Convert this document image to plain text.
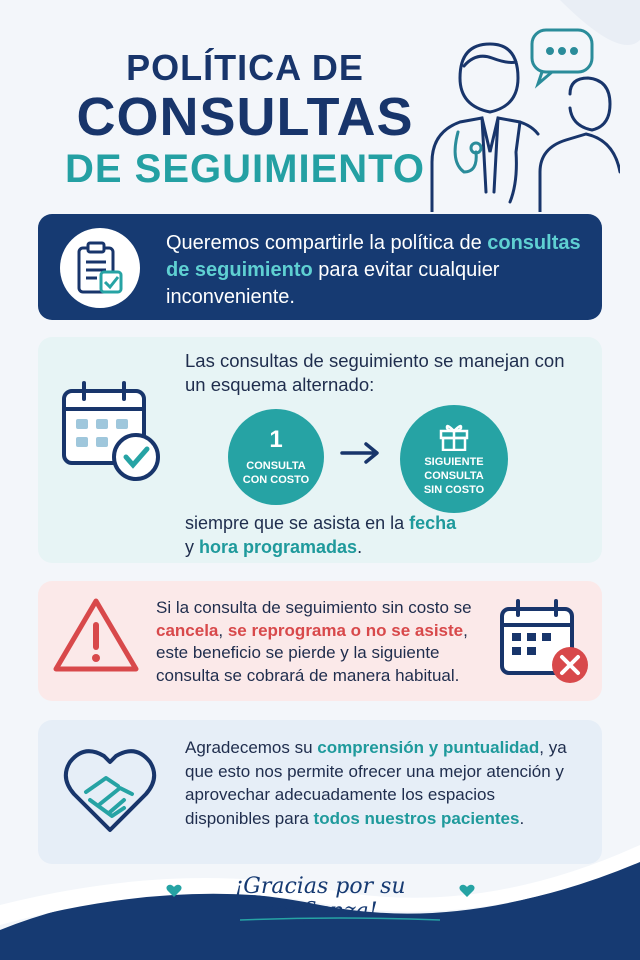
POLÍTICA DE
CONSULTAS
DE SEGUIMIENTO
Queremos compartirle la política de consultas de seguimiento para evitar cualquier inconveniente.
Las consultas de seguimiento se manejan con un esquema alternado:
1
CONSULTA
CON COSTO
SIGUIENTE
CONSULTA
SIN COSTO
siempre que se asista en la fecha
y hora programadas.
Si la consulta de seguimiento sin costo se cancela, se reprograma o no se asiste, este beneficio se pierde y la siguiente consulta se cobrará de manera habitual.
Agradecemos su comprensión y puntualidad, ya que esto nos permite ofrecer una mejor atención y aprovechar adecuadamente los espacios disponibles para todos nuestros pacientes.
¡Gracias por su confianza!
